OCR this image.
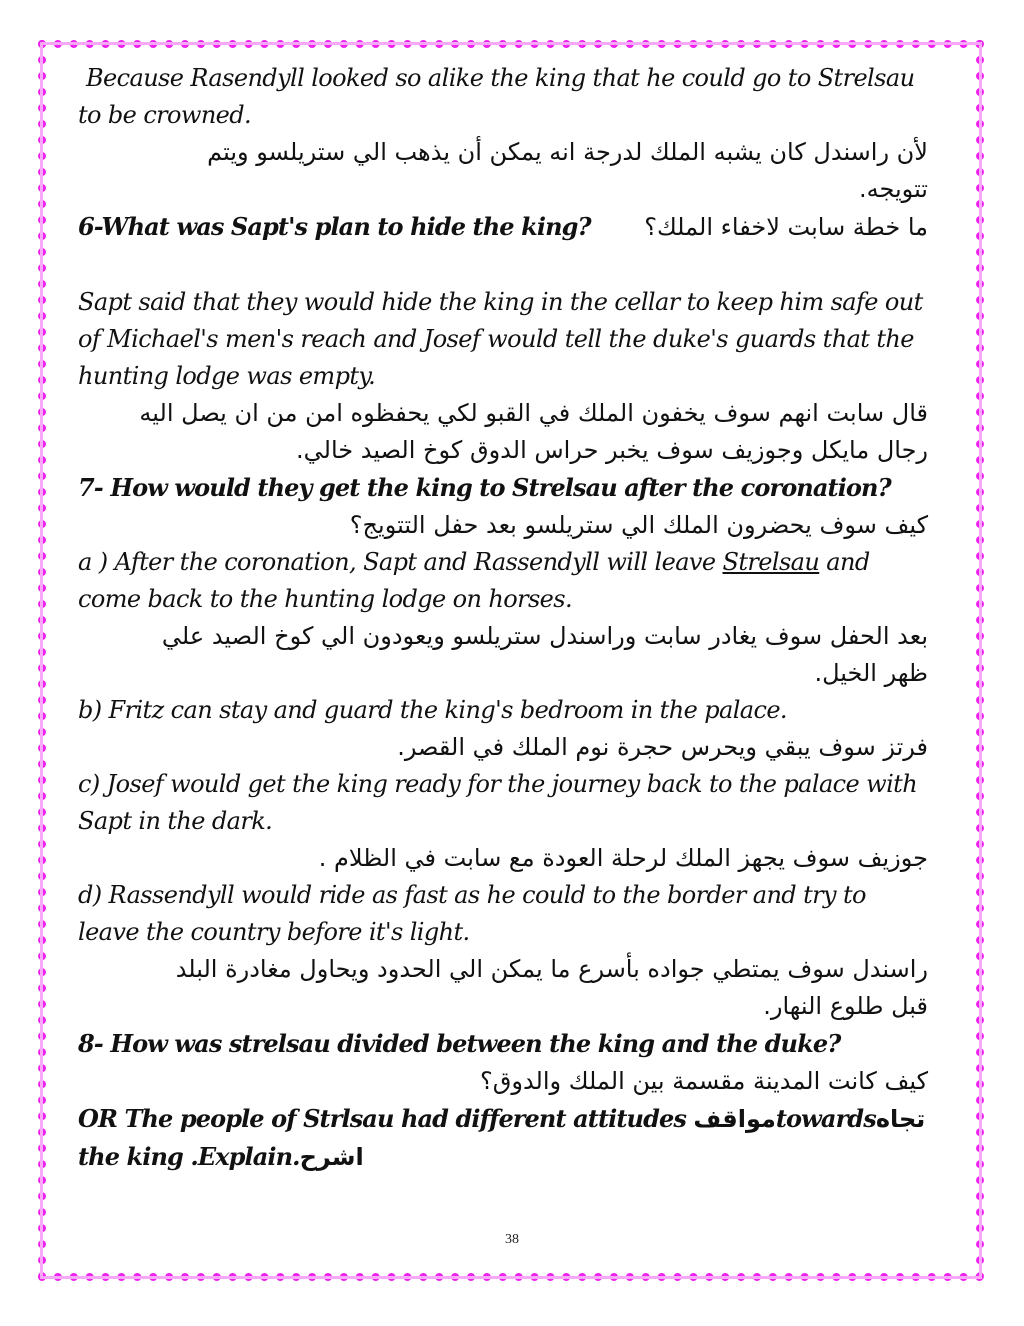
Because Rasendyll looked so alike the king that he could go to Strelsau to be crowned.

لأن راسندل كان يشبه الملك لدرجة انه يمكن أن يذهب الي ستريلسو ويتم تتويجه.

6-What was Sapt's plan to hide the king? ما خطة سابت لاخفاء الملك؟

Sapt said that they would hide the king in the cellar to keep him safe out of Michael's men's reach and Josef would tell the duke's guards that the hunting lodge was empty.

قال سابت انهم سوف يخفون الملك في القبو لكي يحفظوه امن من ان يصل اليه رجال مايكل وجوزيف سوف يخبر حراس الدوق كوخ الصيد خالي.

7- How would they get the king to Strelsau after the coronation?

كيف سوف يحضرون الملك الي ستريلسو بعد حفل التتويج؟

a ) After the coronation, Sapt and Rassendyll will leave Strelsau and come back to the hunting lodge on horses.

بعد الحفل سوف يغادر سابت وراسندل ستريلسو ويعودون الي كوخ الصيد علي ظهر الخيل.

b) Fritz can stay and guard the king's bedroom in the palace.

فرتز سوف يبقي ويحرس حجرة نوم الملك في القصر.

c) Josef would get the king ready for the journey back to the palace with Sapt in the dark.

جوزيف سوف يجهز الملك لرحلة العودة مع سابت في الظلام .

d) Rassendyll would ride as fast as he could to the border and try to leave the country before it's light.

راسندل سوف يمتطي جواده بأسرع ما يمكن الي الحدود ويحاول مغادرة البلد قبل طلوع النهار.

8- How was strelsau divided between the king and the duke?

كيف كانت المدينة مقسمة بين الملك والدوق؟

OR The people of Strlsau had different attitudes مواقفtowardsتجاه the king .Explain.اشرح

38
